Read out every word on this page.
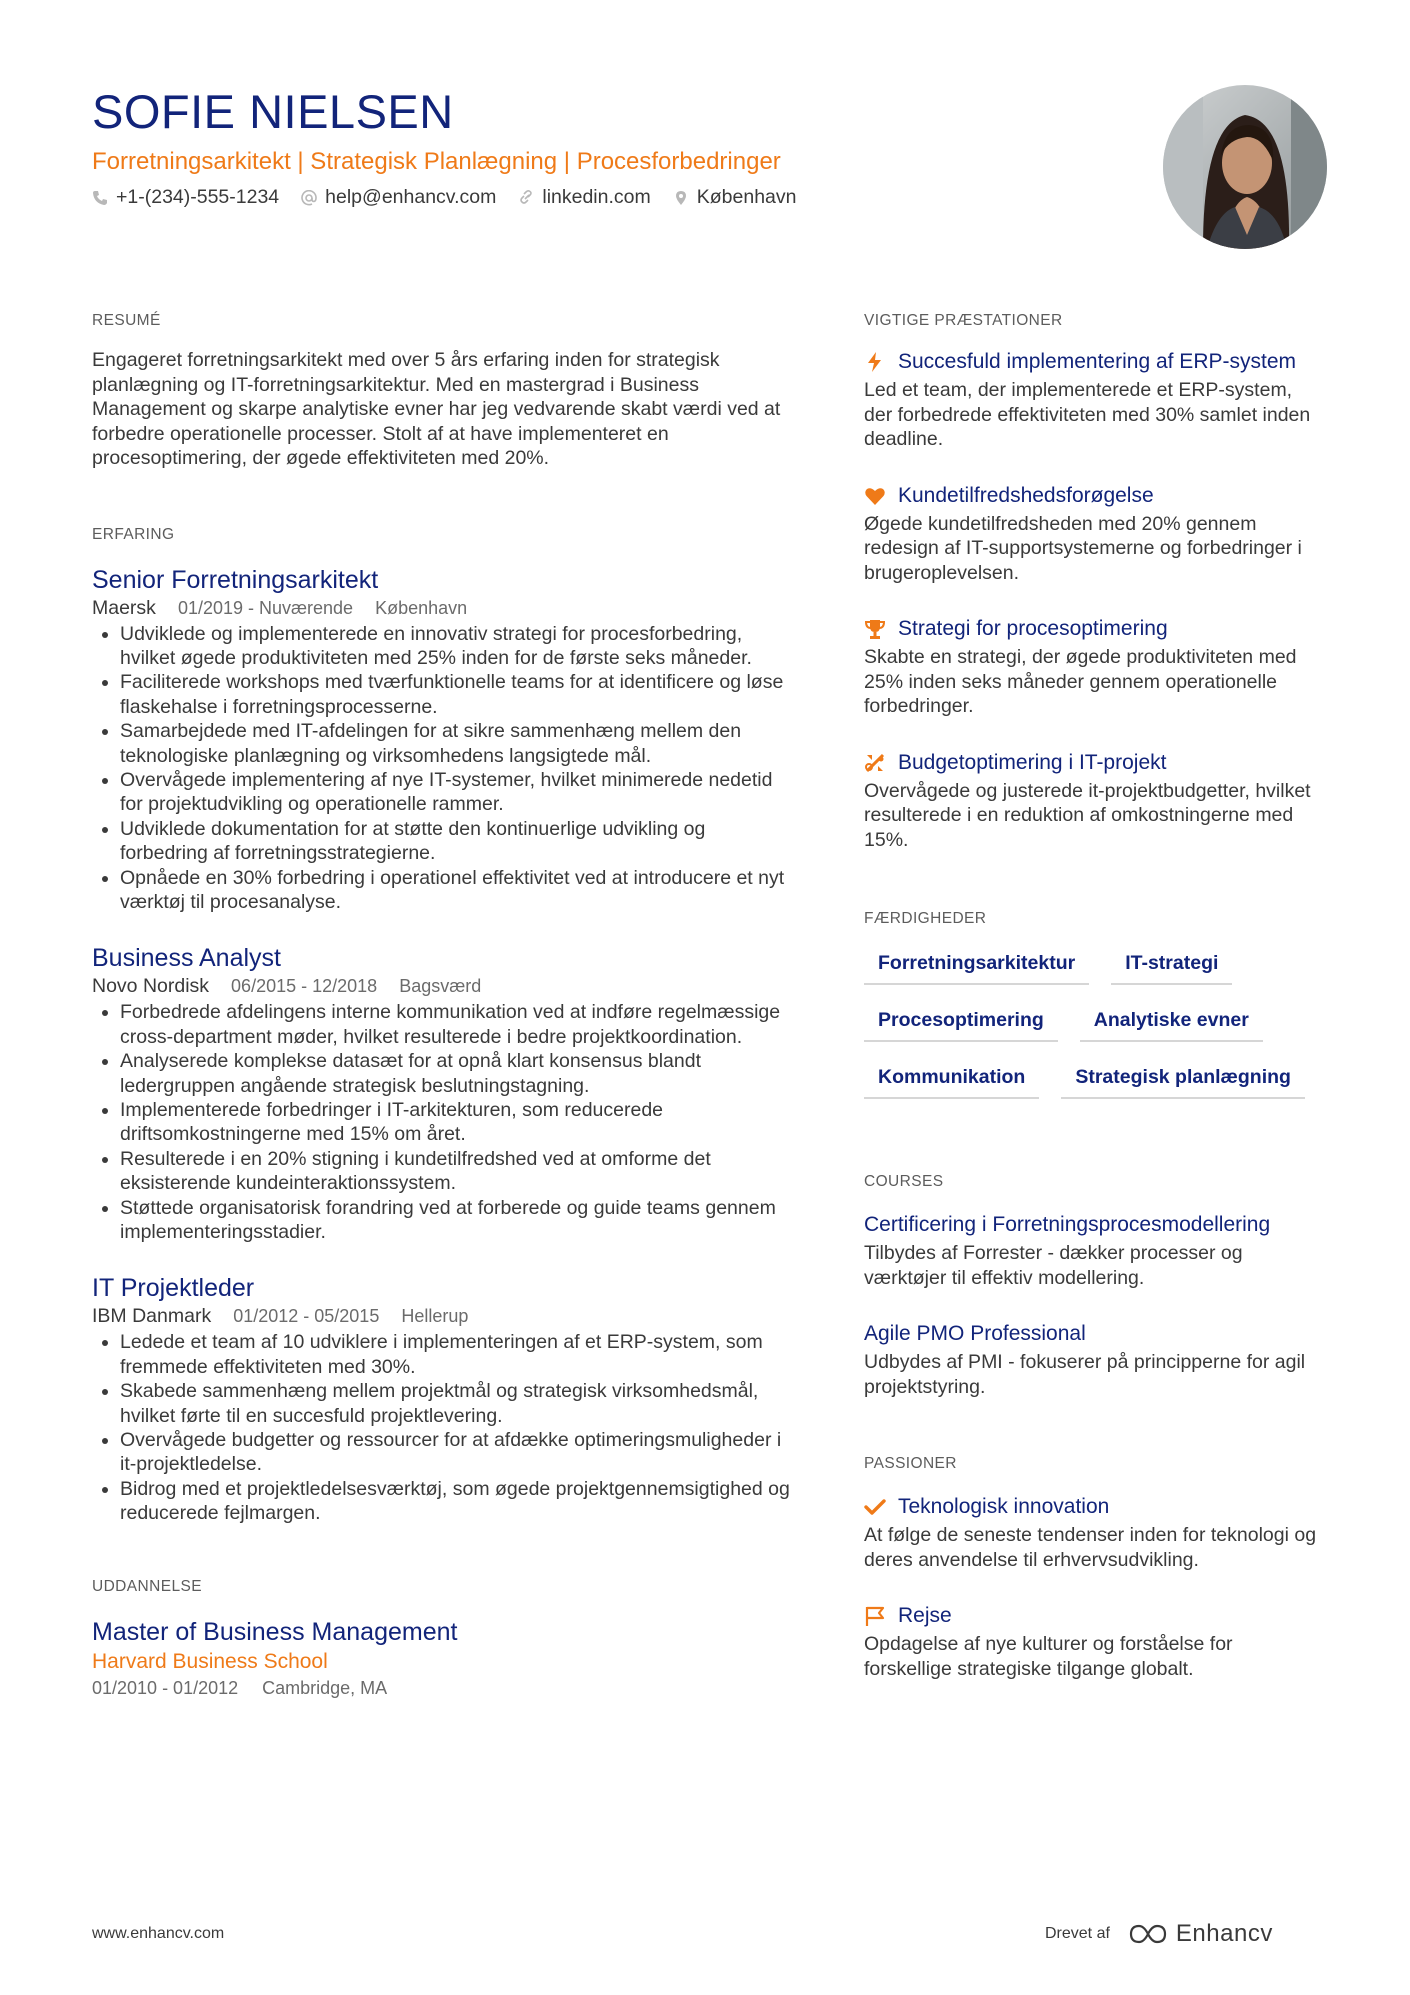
SOFIE NIELSEN
Forretningsarkitekt | Strategisk Planlægning | Procesforbedringer
+1-(234)-555-1234 help@enhancv.com linkedin.com København
RESUMÉ

Engageret forretningsarkitekt med over 5 års erfaring inden for strategisk planlægning og IT-forretningsarkitektur. Med en mastergrad i Business Management og skarpe analytiske evner har jeg vedvarende skabt værdi ved at forbedre operationelle processer. Stolt af at have implementeret en procesoptimering, der øgede effektiviteten med 20%.

ERFARING
Senior Forretningsarkitekt
Maersk 01/2019 - Nuværende København
• Udviklede og implementerede en innovativ strategi for procesforbedring, hvilket øgede produktiviteten med 25% inden for de første seks måneder.
• Faciliterede workshops med tværfunktionelle teams for at identificere og løse flaskehalse i forretningsprocesserne.
• Samarbejdede med IT-afdelingen for at sikre sammenhæng mellem den teknologiske planlægning og virksomhedens langsigtede mål.
• Overvågede implementering af nye IT-systemer, hvilket minimerede nedetid for projektudvikling og operationelle rammer.
• Udviklede dokumentation for at støtte den kontinuerlige udvikling og forbedring af forretningsstrategierne.
• Opnåede en 30% forbedring i operationel effektivitet ved at introducere et nyt værktøj til procesanalyse.
Business Analyst
Novo Nordisk 06/2015 - 12/2018 Bagsværd
• Forbedrede afdelingens interne kommunikation ved at indføre regelmæssige cross-department møder, hvilket resulterede i bedre projektkoordination.
• Analyserede komplekse datasæt for at opnå klart konsensus blandt ledergruppen angående strategisk beslutningstagning.
• Implementerede forbedringer i IT-arkitekturen, som reducerede driftsomkostningerne med 15% om året.
• Resulterede i en 20% stigning i kundetilfredshed ved at omforme det eksisterende kundeinteraktionssystem.
• Støttede organisatorisk forandring ved at forberede og guide teams gennem implementeringsstadier.
IT Projektleder
IBM Danmark 01/2012 - 05/2015 Hellerup
• Ledede et team af 10 udviklere i implementeringen af et ERP-system, som fremmede effektiviteten med 30%.
• Skabede sammenhæng mellem projektmål og strategisk virksomhedsmål, hvilket førte til en succesfuld projektlevering.
• Overvågede budgetter og ressourcer for at afdække optimeringsmuligheder i it-projektledelse.
• Bidrog med et projektledelsesværktøj, som øgede projektgennemsigtighed og reducerede fejlmargen.
UDDANNELSE
Master of Business Management
Harvard Business School
01/2010 - 01/2012 Cambridge, MA
VIGTIGE PRÆSTATIONER
Succesfuld implementering af ERP-system
Led et team, der implementerede et ERP-system, der forbedrede effektiviteten med 30% samlet inden deadline.
Kundetilfredshedsforøgelse
Øgede kundetilfredsheden med 20% gennem redesign af IT-supportsystemerne og forbedringer i brugeroplevelsen.
Strategi for procesoptimering
Skabte en strategi, der øgede produktiviteten med 25% inden seks måneder gennem operationelle forbedringer.
Budgetoptimering i IT-projekt
Overvågede og justerede it-projektbudgetter, hvilket resulterede i en reduktion af omkostningerne med 15%.
FÆRDIGHEDER
Forretningsarkitektur	IT-strategi
Procesoptimering	Analytiske evner
Kommunikation	Strategisk planlægning
COURSES
Certificering i Forretningsprocesmodellering
Tilbydes af Forrester - dækker processer og værktøjer til effektiv modellering.
Agile PMO Professional
Udbydes af PMI - fokuserer på principperne for agil projektstyring.
PASSIONER
Teknologisk innovation
At følge de seneste tendenser inden for teknologi og deres anvendelse til erhvervsudvikling.
Rejse
Opdagelse af nye kulturer og forståelse for forskellige strategiske tilgange globalt.
www.enhancv.com	Drevet af	Enhancv
